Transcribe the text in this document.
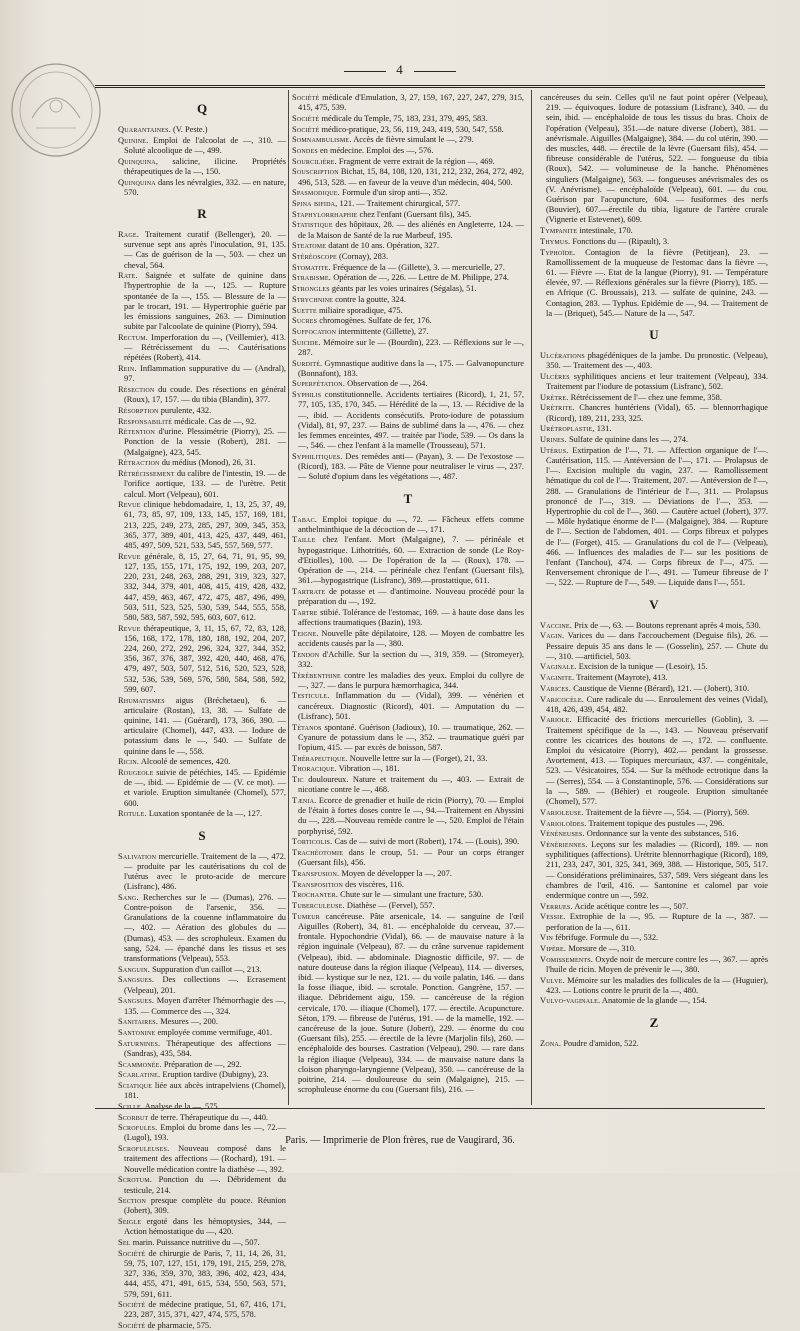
4
Q
Quarantaines. (V. Peste.)
Quinine. Emploi de l'alcoolat de —, 310. — Soluté alcoolique de —, 499.
Quinquina, salicine, ilicine. Propriétés thérapeutiques de la —, 150.
Quinquina dans les névralgies, 332. — en nature, 570.
R
Rage. Traitement curatif (Bellenger), 20. — survenue sept ans après l'inoculation, 91, 135.— Cas de guérison de la —, 503. — chez un cheval, 564.
Rate. Saignée et sulfate de quinine dans l'hypertrophie de la —, 125. — Rupture spontanée de la —, 155. — Blessure de la — par le trocart, 191. — Hypertrophie guérie par les émissions sanguines, 263. — Diminution subite par l'alcoolate de quinine (Piorry), 594.
Rectum. Imperforation du —, (Veillemier), 413. — Rétrécissement du —. Cautérisations répétées (Robert), 414.
Rein. Inflammation suppurative du — (Andral), 97.
Résection du coude. Des résections en général (Roux), 17, 157. — du tibia (Blandin), 377.
Résorption purulente, 432.
Responsabilité médicale. Cas de —, 92.
Rétention d'urine. Plessimétrie (Piorry), 25. — Ponction de la vessie (Robert), 281. — (Malgaigne), 423, 545.
Rétraction du médius (Monod), 26, 31.
Rétrécissement du calibre de l'intestin, 19. — de l'orifice aortique, 133. — de l'urètre. Petit calcul. Mort (Velpeau), 601.
Revue clinique hebdomadaire, 1, 13, 25, 37, 49, 61, 73, 85, 97, 109, 133, 145, 157, 169, 181, 213, 225, 249, 273, 285, 297, 309, 345, 353, 365, 377, 389, 401, 413, 425, 437, 449, 461, 485, 497, 509, 521, 533, 545, 557, 569, 577.
Revue générale, 8, 15, 27, 64, 71, 91, 95, 99, 127, 135, 155, 171, 175, 192, 199, 203, 207, 220, 231, 248, 263, 288, 291, 319, 323, 327, 332, 344, 379, 401, 408, 415, 419, 428, 432, 447, 459, 463, 467, 472, 475, 487, 496, 499, 503, 511, 523, 525, 530, 539, 544, 555, 558, 580, 583, 587, 592, 595, 603, 607, 612.
Revue thérapeutique, 3, 11, 15, 67, 72, 83, 128, 156, 168, 172, 178, 180, 188, 192, 204, 207, 224, 260, 272, 292, 296, 324, 327, 344, 352, 356, 367, 376, 387, 392, 420, 440, 468, 476, 479, 497, 503, 507, 512, 516, 520, 523, 528, 532, 536, 539, 569, 576, 580, 584, 588, 592, 599, 607.
Rhumatismes aigus (Bréchetaeu), 6. — articulaire (Rostan), 13, 38. — Sulfate de quinine, 141. — (Guérard), 173, 366, 390. — articulaire (Chomel), 447, 433. — Iodure de potassium dans le —, 540. — Sulfate de quinine dans le —, 558.
Ricin. Alcoolé de semences, 420.
Rougeole suivie de pétéchies, 145. — Epidémie de —, ibid. — Epidémie de — (V. ce mot). — et variole. Eruption simultanée (Chomel), 577, 600.
Rotule. Luxation spontanée de la —, 127.
S
Salivation mercurielle. Traitement de la —, 472. — produite par les cautérisations du col de l'utérus avec le proto-acide de mercure (Lisfranc), 486.
Sang. Recherches sur le — (Dumas), 276. — Contre-poison de l'arsenic, 356. — Granulations de la couenne inflammatoire du —, 402. — Aération des globules du — (Dumas), 453. — des scrophuleux. Examen du sang, 524. — épanché dans les tissus et ses transformations (Velpeau), 553.
Sanguin. Suppuration d'un caillot —, 213.
Sangsues. Des collections —. Ecrasement (Velpeau), 201.
Sangsues. Moyen d'arrêter l'hémorrhagie des —, 135. — Commerce des —, 324.
Sanitaires. Mesures —, 200.
Santonine employée comme vermifuge, 401.
Saturnines. Thérapeutique des affections — (Sandras), 435, 584.
Scammonée. Préparation de —, 292.
Scarlatine. Eruption tardive (Dubigny), 23.
Sciatique liée aux abcès intrapelviens (Chomel), 181.
Scille. Analyse de la —, 575.
Scorbut de terre. Thérapeutique du —, 440.
Scrofules. Emploi du brome dans les —, 72.—(Lugol), 193.
Scrofuleuses. Nouveau composé dans le traitement des affections — (Rochard), 191. — Nouvelle médication contre la diathèse —, 392.
Scrotum. Ponction du —. Débridement du testicule, 214.
Section presque complète du pouce. Réunion (Jobert), 309.
Seigle ergoté dans les hémoptysies, 344, — Action hémostatique du —, 420.
Sel marin. Puissance nutritive du —, 507.
Société de chirurgie de Paris, 7, 11, 14, 26, 31, 59, 75, 107, 127, 151, 179, 191, 215, 259, 278, 327, 336, 359, 370, 383, 396, 402, 423, 434, 444, 455, 471, 491, 615, 534, 550, 563, 571, 579, 591, 611.
Société de médecine pratique, 51, 67, 416, 171, 223, 287, 315, 371, 427, 474, 575, 578.
Société de pharmacie, 575.
Société médicale d'Emulation, 3, 27, 159, 167, 227, 247, 279, 315, 415, 475, 539.
Société médicale du Temple, 75, 183, 231, 379, 495, 583.
Société médico-pratique, 23, 56, 119, 243, 419, 530, 547, 558.
Somnambulisme. Accès de fièvre simulant le —, 279.
Sondes en médecine. Emploi des —, 576.
Sourcilière. Fragment de verre extrait de la région —, 469.
Souscription Bichat, 15, 84, 108, 120, 131, 212, 232, 264, 272, 492, 496, 513, 528. — en faveur de la veuve d'un médecin, 404, 500.
Spasmodique. Formule d'un sirop anti—, 352.
Spina bifida, 121. — Traitement chirurgical, 577.
Staphylorrhaphie chez l'enfant (Guersant fils), 345.
Statistique des hôpitaux, 28. — des aliénés en Angleterre, 124. — de la Maison de Santé de la rue Marbeuf, 195.
Steatome datant de 10 ans. Opération, 327.
Stéréoscope (Cornay), 283.
Stomatite. Fréquence de la — (Gillette), 3. — mercurielle, 27.
Strabisme. Opération de —, 226. — Lettre de M. Philippe, 274.
Strongles géants par les voies urinaires (Ségalas), 51.
Strychnine contre la goutte, 324.
Suette miliaire sporadique, 475.
Sucres chromogènes. Sulfate de fer, 176.
Suffocation intermittente (Gillette), 27.
Suicide. Mémoire sur le — (Bourdin), 223. — Réflexions sur le —, 287.
Surdité. Gymnastique auditive dans la —, 175. — Galvanopuncture (Bonnafont), 183.
Superfétation. Observation de —, 264.
Syphilis constitutionnelle. Accidents tertiaires (Ricord), 1, 21, 57, 77, 105, 135, 170, 345. — Hérédité de la —, 13. — Récidive de la —, ibid. — Accidents consécutifs. Proto-iodure de potassium (Vidal), 81, 97, 237. — Bains de sublimé dans la —, 476. — chez les femmes enceintes, 497. — traitée par l'iode, 539. — Os dans la —, 546. — chez l'enfant à la mamelle (Trousseau), 571.
Syphilitiques. Des remèdes anti— (Payan), 3. — De l'exostose — (Ricord), 183. — Pâte de Vienne pour neutraliser le virus —, 237. — Soluté d'opium dans les végétations —, 487.
T
Tabac. Emploi topique du —, 72. — Fâcheux effets comme anthelminthique de la décoction de —, 171.
Taille chez l'enfant. Mort (Malgaigne), 7. — périnéale et hypogastrique. Lithotritiés, 60. — Extraction de sonde (Le Roy-d'Etiolles), 100. — De l'opération de la — (Roux), 178. — Opération de —, 214. — périnéale chez l'enfant (Guersant fils), 361.—hypogastrique (Lisfranc), 389.—prostattique, 611.
Tartrate de potasse et — d'antimoine. Nouveau procédé pour la préparation du —, 192.
Tartre stibié. Tolérance de l'estomac, 169. — à haute dose dans les affections traumatiques (Bazin), 193.
Teigne. Nouvelle pâte dépilatoire, 128. — Moyen de combattre les accidents causés par la —, 380.
Tendon d'Achille. Sur la section du —, 319, 359. — (Stromeyer), 332.
Térébenthine contre les maladies des yeux. Emploi du collyre de —, 327. — dans le purpura hæmorrhagica, 344.
Testicule. Inflammation du — (Vidal), 399. — vénérien et cancéreux. Diagnostic (Ricord), 401. — Amputation du — (Lisfranc), 501.
Tétanos spontané. Guérison (Jadioux), 10. — traumatique, 262. — Cyanure de potassium dans le —, 352. — traumatique guéri par l'opium, 415. — par excès de boisson, 587.
Thérapeutique. Nouvelle lettre sur la — (Forget), 21, 33.
Thoracique. Vibration —, 181.
Tic douloureux. Nature et traitement du —, 403. — Extrait de nicotiane contre le —, 468.
Tænia. Ecorce de grenadier et huile de ricin (Piorry), 70. — Emploi de l'étain à fortes doses contre le —, 94.—Traitement en Abyssini du —, 228.—Nouveau remède contre le —, 520. Emploi de l'étain porphyrisé, 592.
Torticolis. Cas de — suivi de mort (Robert), 174. — (Louis), 390.
Trachéotomie dans le croup, 51. — Pour un corps étranger (Guersant fils), 456.
Transfusion. Moyen de développer la —, 207.
Transposition des viscères, 116.
Trochanter. Chute sur le — simulant une fracture, 530.
Tuberculeuse. Diathèse — (Fervel), 557.
Tumeur cancéreuse. Pâte arsenicale, 14. — sanguine de l'œil Aiguilles (Robert), 34, 81. — encéphaloïde du cerveau, 37.— frontale. Hypochondrie (Vidal), 66. — de mauvaise nature à la région inguinale (Velpeau), 87. — du crâne survenue rapidement (Velpeau), ibid. — abdominale. Diagnostic difficile, 97. — de nature douteuse dans la région iliaque (Velpeau), 114. — diverses, ibid. — kystique sur le nez, 121. — du voile palatin, 146. — dans la fosse iliaque, ibid. — scrotale. Ponction. Gangrène, 157. — iliaque. Débridement aigu, 159. — cancéreuse de la région cervicale, 170. — iliaque (Chomel), 177. — érectile. Acupuncture. Séton, 179. — fibreuse de l'utérus, 191. — de la mamelle, 192. — cancéreuse de la joue. Suture (Jobert), 229. — énorme du cou (Guersant fils), 255. — érectile de la lèvre (Marjolin fils), 260. — encéphaloïde des bourses. Castration (Velpeau), 290. — rare dans la région iliaque (Velpeau), 334. — de mauvaise nature dans la cloison pharyngo-laryngienne (Velpeau), 350. — cancéreuse de la poitrine, 214. — douloureuse du sein (Malgaigne), 215. — scrophuleuse énorme du cou (Guersant fils), 216. —
cancéreuses du sein. Celles qu'il ne faut point opérer (Velpeau), 219. — équivoques. Iodure de potassium (Lisfranc), 340. — du sein, ibid. — encéphaloïde de tous les tissus du bras. Choix de l'opération (Velpeau), 351.—de nature diverse (Jobert), 381. — anévrismale. Aiguilles (Malgaigne), 384. — du col utérin, 390. — des muscles, 448. — érectile de la lèvre (Guersant fils), 454. — fibreuse considérable de l'utérus, 522. — fongueuse du tibia (Roux), 542. — volumineuse de la hanche. Phénomènes singuliers (Malgaigne), 563. — fongueuses anévrismales des os (V. Anévrisme). — encéphaloïde (Velpeau), 601. — du cou. Guérison par l'acupuncture, 604. — fusiformes des nerfs (Bouvier), 607.—érectile du tibia, ligature de l'artère crurale (Vignerie et Estevenet), 609.
Tympanite intestinale, 170.
Thymus. Fonctions du — (Ripault), 3.
Typhoïde. Contagion de la fièvre (Petitjean), 23. — Ramollissement de la muqueuse de l'estomac dans la fièvre —, 61. — Fièvre —. Etat de la langue (Piorry), 91. — Température élevée, 97. — Réflexions générales sur la fièvre (Piorry), 185. — en Afrique (C. Broussais), 213. — sulfate de quinine, 243. — Contagion, 283. — Typhus. Epidémie de —, 94. — Traitement de la — (Briquet), 545.— Nature de la —, 547.
U
Ulcérations phagédéniques de la jambe. Du pronostic. (Velpeau), 350. — Traitement des —, 403.
Ulcères syphilitiques anciens et leur traitement (Velpeau), 334. Traitement par l'iodure de potassium (Lisfranc), 502.
Urètre. Rétrécissement de l'— chez une femme, 358.
Urétrite. Chancres huntériens (Vidal), 65. — blennorrhagique (Ricord), 189, 211, 233, 325.
Urétroplastie, 131.
Urines. Sulfate de quinine dans les —, 274.
Utérus. Extirpation de l'—, 71. — Affection organique de l'—. Cautérisation, 115. — Antéversion de l'—, 171. — Prolapsus de l'—. Excision multiple du vagin, 237. — Ramollissement hématique du col de l'—. Traitement, 207. — Antéversion de l'—, 288. — Granulations de l'intérieur de l'—, 311. — Prolapsus prononcé de l'—, 319. — Déviations de l'—, 353. — Hypertrophie du col de l'—, 360. — Cautère actuel (Jobert), 377. — Môle hydatique énorme de l'— (Malgaigne), 384. — Rupture de l'—. Section de l'abdomen, 401. — Corps fibreux et polypes de l'— (Forget), 415. — Granulations du col de l'— (Velpeau), 466. — Influences des maladies de l'— sur les positions de l'enfant (Tanchou), 474. — Corps fibreux de l'—, 475. — Renversement chronique de l'—, 491. — Tumeur fibreuse de l' —, 522. — Rupture de l'—, 549. — Liquide dans l'—, 551.
V
Vaccine. Prix de —, 63. — Boutons reprenant après 4 mois, 530.
Vagin. Varices du — dans l'accouchement (Deguise fils), 26. — Pessaire depuis 35 ans dans le — (Gosselin), 257. — Chute du —, 310. —artificiel, 503.
Vaginale. Excision de la tunique — (Lesoir), 15.
Vaginite. Traitement (Mayrote), 413.
Varices. Caustique de Vienne (Bérard), 121. — (Jobert), 310.
Varicocèle. Cure radicale du —. Enroulement des veines (Vidal), 418, 426, 439, 454, 482.
Variole. Efficacité des frictions mercurielles (Goblin), 3. — Traitement spécifique de la —, 143. — Nouveau préservatif contre les cicatrices des boutons de —, 172. — confluente. Emploi du vésicatoire (Piorry), 402.— pendant la grossesse. Avortement, 413. — Topiques mercuriaux, 437. — congénitale, 523. — Vésicatoires, 554. — Sur la méthode ectrotique dans la — (Serres), 554. — à Constantinople, 576. — Considérations sur la —, 589. — (Béhier) et rougeole. Eruption simultanée (Chomel), 577.
Varioleuse. Traitement de la fièvre —, 554. — (Piorry), 569.
Varioloïdes. Traitement topique des pustules —, 296.
Vénéneuses. Ordonnance sur la vente des substances, 516.
Vénériennes. Leçons sur les maladies — (Ricord), 189. — non syphilitiques (affections). Urétrite blennorrhagique (Ricord), 189, 211, 233, 247, 301, 325, 341, 369, 388. — Historique, 505, 517. — Considérations préliminaires, 537, 589. Vers siégeant dans les chambres de l'œil, 416. — Santonine et calomel par voie endermique contre un —, 592.
Verrues. Acide acétique contre les —, 507.
Vessie. Extrophie de la —, 95. — Rupture de la —, 387. — perforation de la —, 611.
Vin fébrifuge. Formule du —, 532.
Vipère. Morsure de —, 310.
Vomissements. Oxyde noir de mercure contre les —, 367. — après l'huile de ricin. Moyen de prévenir le —, 380.
Vulve. Mémoire sur les maladies des follicules de la — (Huguier), 423. — Lotions contre le prurit de la —, 480.
Vulvo-vaginale. Anatomie de la glande —, 154.
Z
Zona. Poudre d'amidon, 522.
Paris. — Imprimerie de Plon frères, rue de Vaugirard, 36.
